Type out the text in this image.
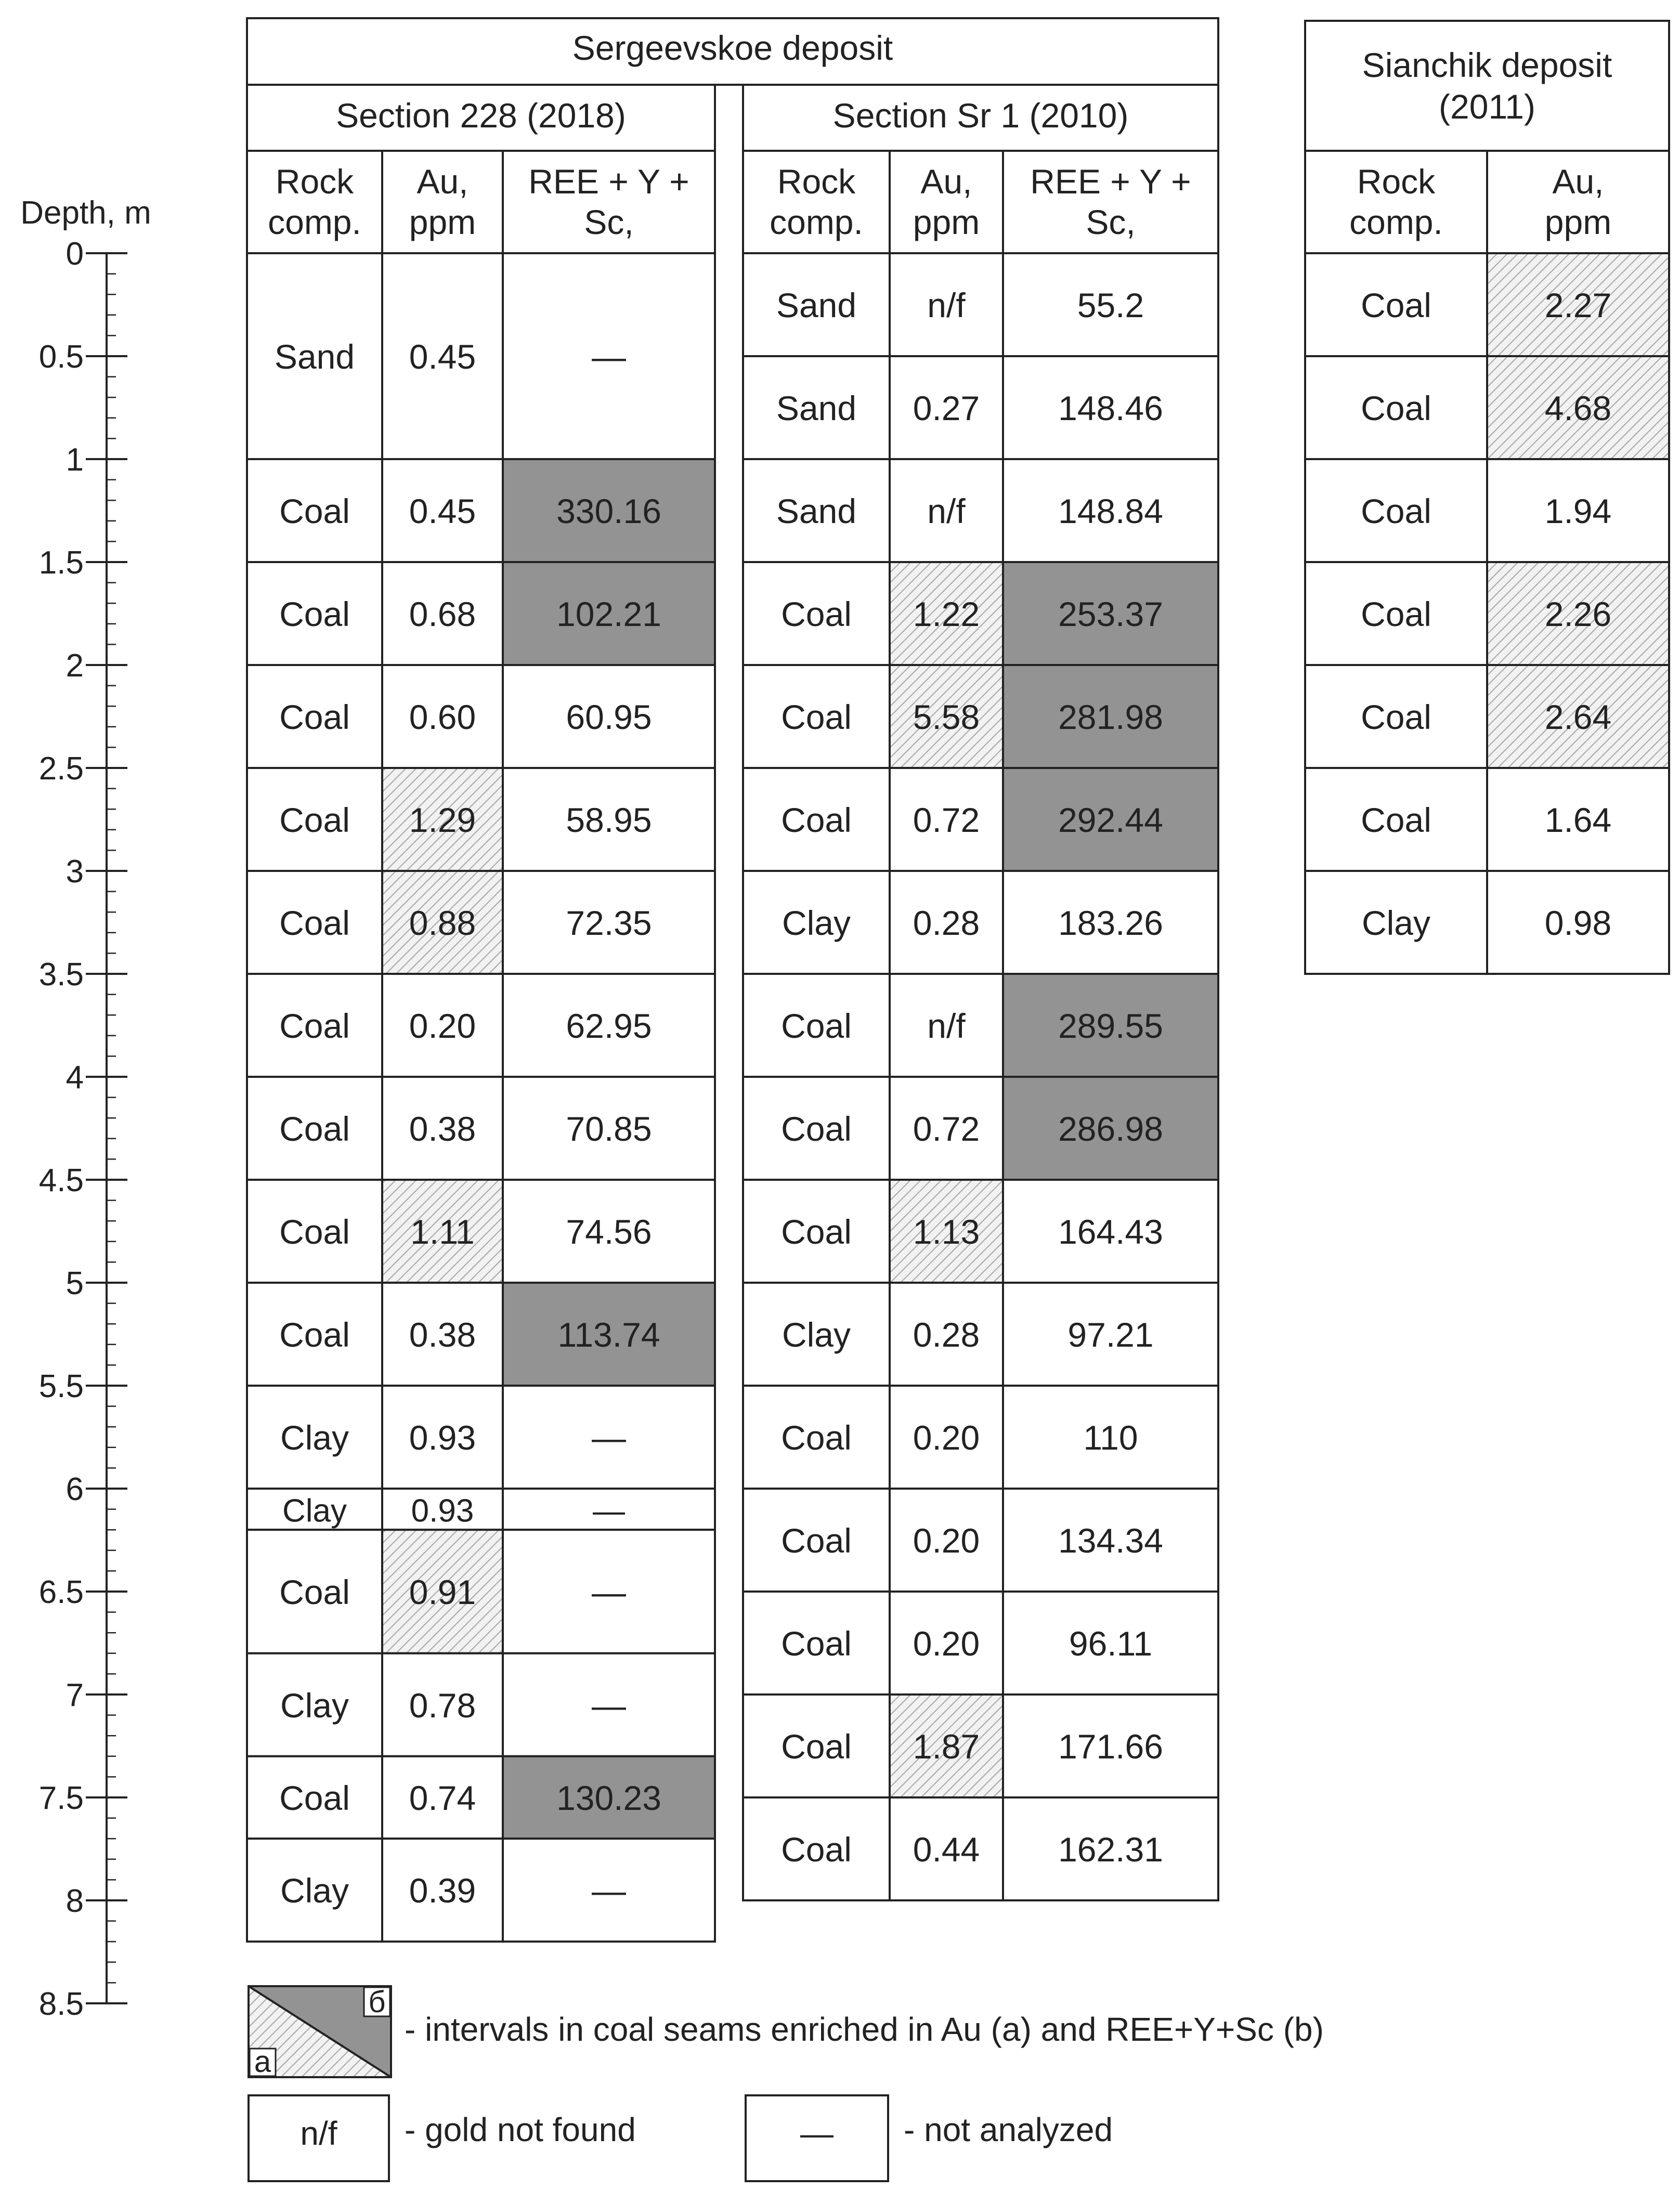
Depth, m
0
0.5
1
1.5
2
2.5
3
3.5
4
4.5
5
5.5
6
6.5
7
7.5
8
8.5
Sergeevskoe deposit
Section 228 (2018)
Rock
comp.
Au,
ppm
REE + Y +
Sc,
Sand 0.45	—
Coal 0.45 330.16
Coal 0.68 102.21
Coal 0.60	60.95
Coal 1.29	58.95
Coal 0.88	72.35
Coal 0.20	62.95
Coal 0.38	70.85
Coal 1.11	74.56
Coal 0.38 113.74
Clay 0.93	—
Clay 0.93	—
Coal 0.91	—
Clay 0.78	—
Coal 0.74 130.23
Clay 0.39	—
Section Sr 1 (2010)
Rock
comp.
Au,
ppm
REE + Y +
Sc,
Sand n/f	55.2
Sand 0.27 148.46
Sand n/f	148.84
Coal 1.22 253.37
Coal 5.58 281.98
Coal 0.72 292.44
Clay 0.28 183.26
Coal n/f	289.55
Coal 0.72 286.98
Coal 1.13 164.43
Clay 0.28	97.21
Coal 0.20	110
Coal 0.20 134.34
Coal 0.20	96.11
Coal 1.87 171.66
Coal 0.44 162.31
Sianchik deposit
(2011)
Rock
comp.
Au,
ppm
Coal	2.27
Coal	4.68
Coal	1.94
Coal	2.26
Coal	2.64
Coal	1.64
Clay	0.98
б
a
- intervals in coal seams enriched in Au (a) and REE+Y+Sc (b)
n/f - gold not found	— - not analyzed
